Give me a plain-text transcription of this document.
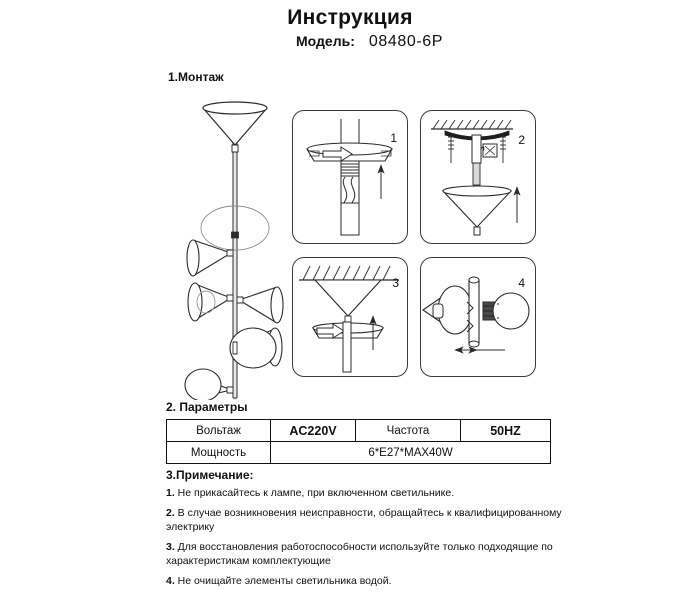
Инструкция
Модель: 08480-6P
1.Монтаж
1	2
3	4
2. Параметры
Вольтаж	AC220V	Частота	50HZ
Мощность	6*E27*MAX40W		
3.Примечание:
1. Не прикасайтесь к лампе, при включенном светильнике.
2. В случае возникновения неисправности, обращайтесь к квалифицированному
электрику
3. Для восстановления работоспособности используйте только подходящие по
характеристикам комплектующие
4. Не очищайте элементы светильника водой.
